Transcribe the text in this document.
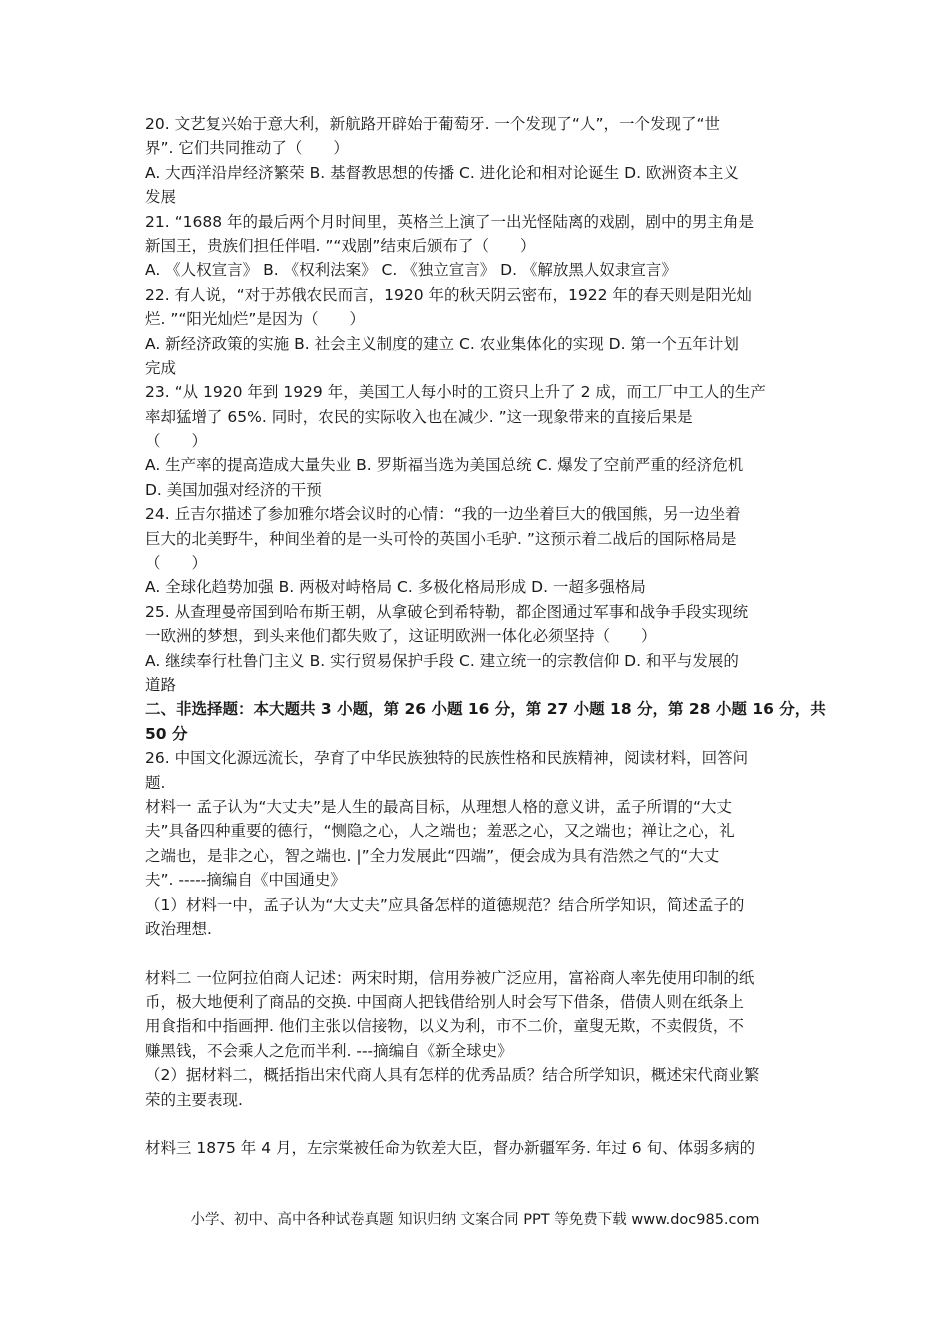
20. 文艺复兴始于意大利，新航路开辟始于葡萄牙. 一个发现了“人”，一个发现了“世
界”. 它们共同推动了（　　）
A. 大西洋沿岸经济繁荣 B. 基督教思想的传播 C. 进化论和相对论诞生 D. 欧洲资本主义
发展
21. “1688 年的最后两个月时间里，英格兰上演了一出光怪陆离的戏剧，剧中的男主角是
新国王，贵族们担任伴唱. ”“戏剧”结束后颁布了（　　）
A. 《人权宣言》 B. 《权利法案》 C. 《独立宣言》 D. 《解放黑人奴隶宣言》
22. 有人说，“对于苏俄农民而言，1920 年的秋天阴云密布，1922 年的春天则是阳光灿
烂. ”“阳光灿烂”是因为（　　）
A. 新经济政策的实施 B. 社会主义制度的建立 C. 农业集体化的实现 D. 第一个五年计划
完成
23. “从 1920 年到 1929 年，美国工人每小时的工资只上升了 2 成，而工厂中工人的生产
率却猛增了 65%. 同时，农民的实际收入也在减少. ”这一现象带来的直接后果是
（　　）
A. 生产率的提高造成大量失业 B. 罗斯福当选为美国总统 C. 爆发了空前严重的经济危机
D. 美国加强对经济的干预
24. 丘吉尔描述了参加雅尔塔会议时的心情：“我的一边坐着巨大的俄国熊，另一边坐着
巨大的北美野牛，种间坐着的是一头可怜的英国小毛驴. ”这预示着二战后的国际格局是
（　　）
A. 全球化趋势加强 B. 两极对峙格局 C. 多极化格局形成 D. 一超多强格局
25. 从查理曼帝国到哈布斯王朝，从拿破仑到希特勒，都企图通过军事和战争手段实现统
一欧洲的梦想，到头来他们都失败了，这证明欧洲一体化必须坚持（　　）
A. 继续奉行杜鲁门主义 B. 实行贸易保护手段 C. 建立统一的宗教信仰 D. 和平与发展的
道路
二、非选择题：本大题共 3 小题，第 26 小题 16 分，第 27 小题 18 分，第 28 小题 16 分，共
50 分
26. 中国文化源远流长，孕育了中华民族独特的民族性格和民族精神，阅读材料，回答问
题.
材料一 孟子认为“大丈夫”是人生的最高目标，从理想人格的意义讲，孟子所谓的“大丈
夫”具备四种重要的德行，“恻隐之心，人之端也；羞恶之心，又之端也；禅让之心，礼
之端也，是非之心，智之端也. |”全力发展此“四端”，便会成为具有浩然之气的“大丈
夫”. -----摘编自《中国通史》
（1）材料一中，孟子认为“大丈夫”应具备怎样的道德规范？结合所学知识，简述孟子的
政治理想.
材料二 一位阿拉伯商人记述：两宋时期，信用券被广泛应用，富裕商人率先使用印制的纸
币，极大地便利了商品的交换. 中国商人把钱借给别人时会写下借条，借债人则在纸条上
用食指和中指画押. 他们主张以信接物，以义为利，市不二价，童叟无欺，不卖假货，不
赚黑钱，不会乘人之危而半利. ---摘编自《新全球史》
（2）据材料二，概括指出宋代商人具有怎样的优秀品质？结合所学知识，概述宋代商业繁
荣的主要表现.
材料三 1875 年 4 月，左宗棠被任命为钦差大臣，督办新疆军务. 年过 6 旬、体弱多病的
小学、初中、高中各种试卷真题 知识归纳 文案合同 PPT 等免费下载 www.doc985.com
